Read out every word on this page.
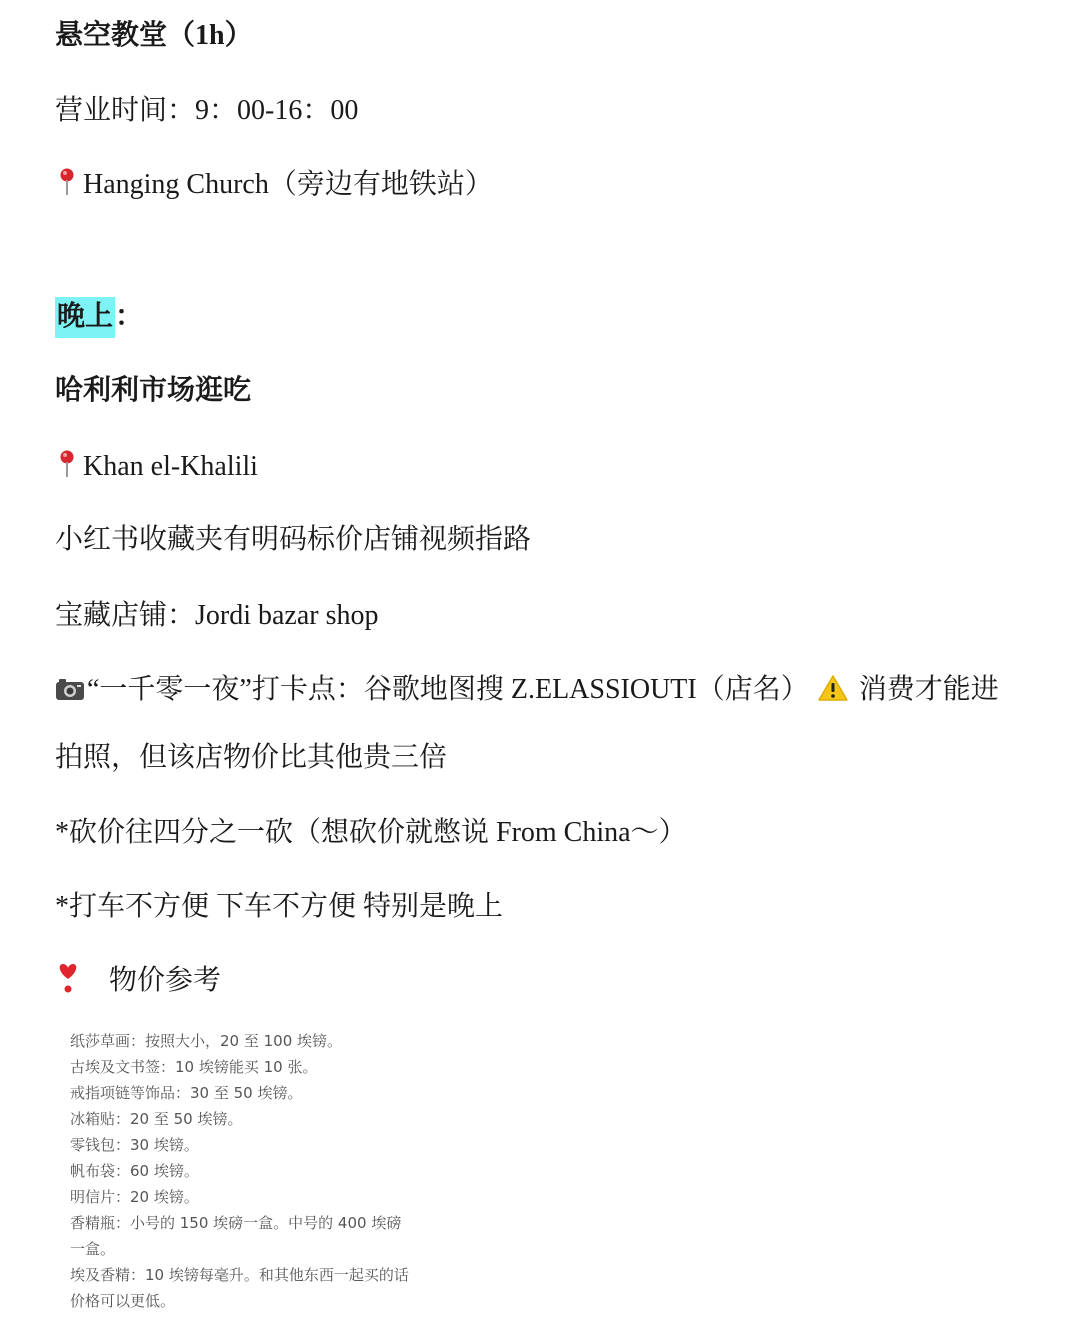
悬空教堂（1h）
营业时间：9：00-16：00
Hanging Church（旁边有地铁站）
晚上：
哈利利市场逛吃
Khan el-Khalili
小红书收藏夹有明码标价店铺视频指路
宝藏店铺：Jordi bazar shop
“一千零一夜”打卡点：谷歌地图搜 Z.ELASSIOUTI（店名） 消费才能进
拍照，但该店物价比其他贵三倍
*砍价往四分之一砍（想砍价就憋说 From China～）
*打车不方便 下车不方便 特别是晚上
物价参考
纸莎草画：按照大小，20 至 100 埃镑。
古埃及文书签：10 埃镑能买 10 张。
戒指项链等饰品：30 至 50 埃镑。
冰箱贴：20 至 50 埃镑。
零钱包：30 埃镑。
帆布袋：60 埃镑。
明信片：20 埃镑。
香精瓶：小号的 150 埃磅一盒。中号的 400 埃磅
一盒。
埃及香精：10 埃镑每毫升。和其他东西一起买的话
价格可以更低。
